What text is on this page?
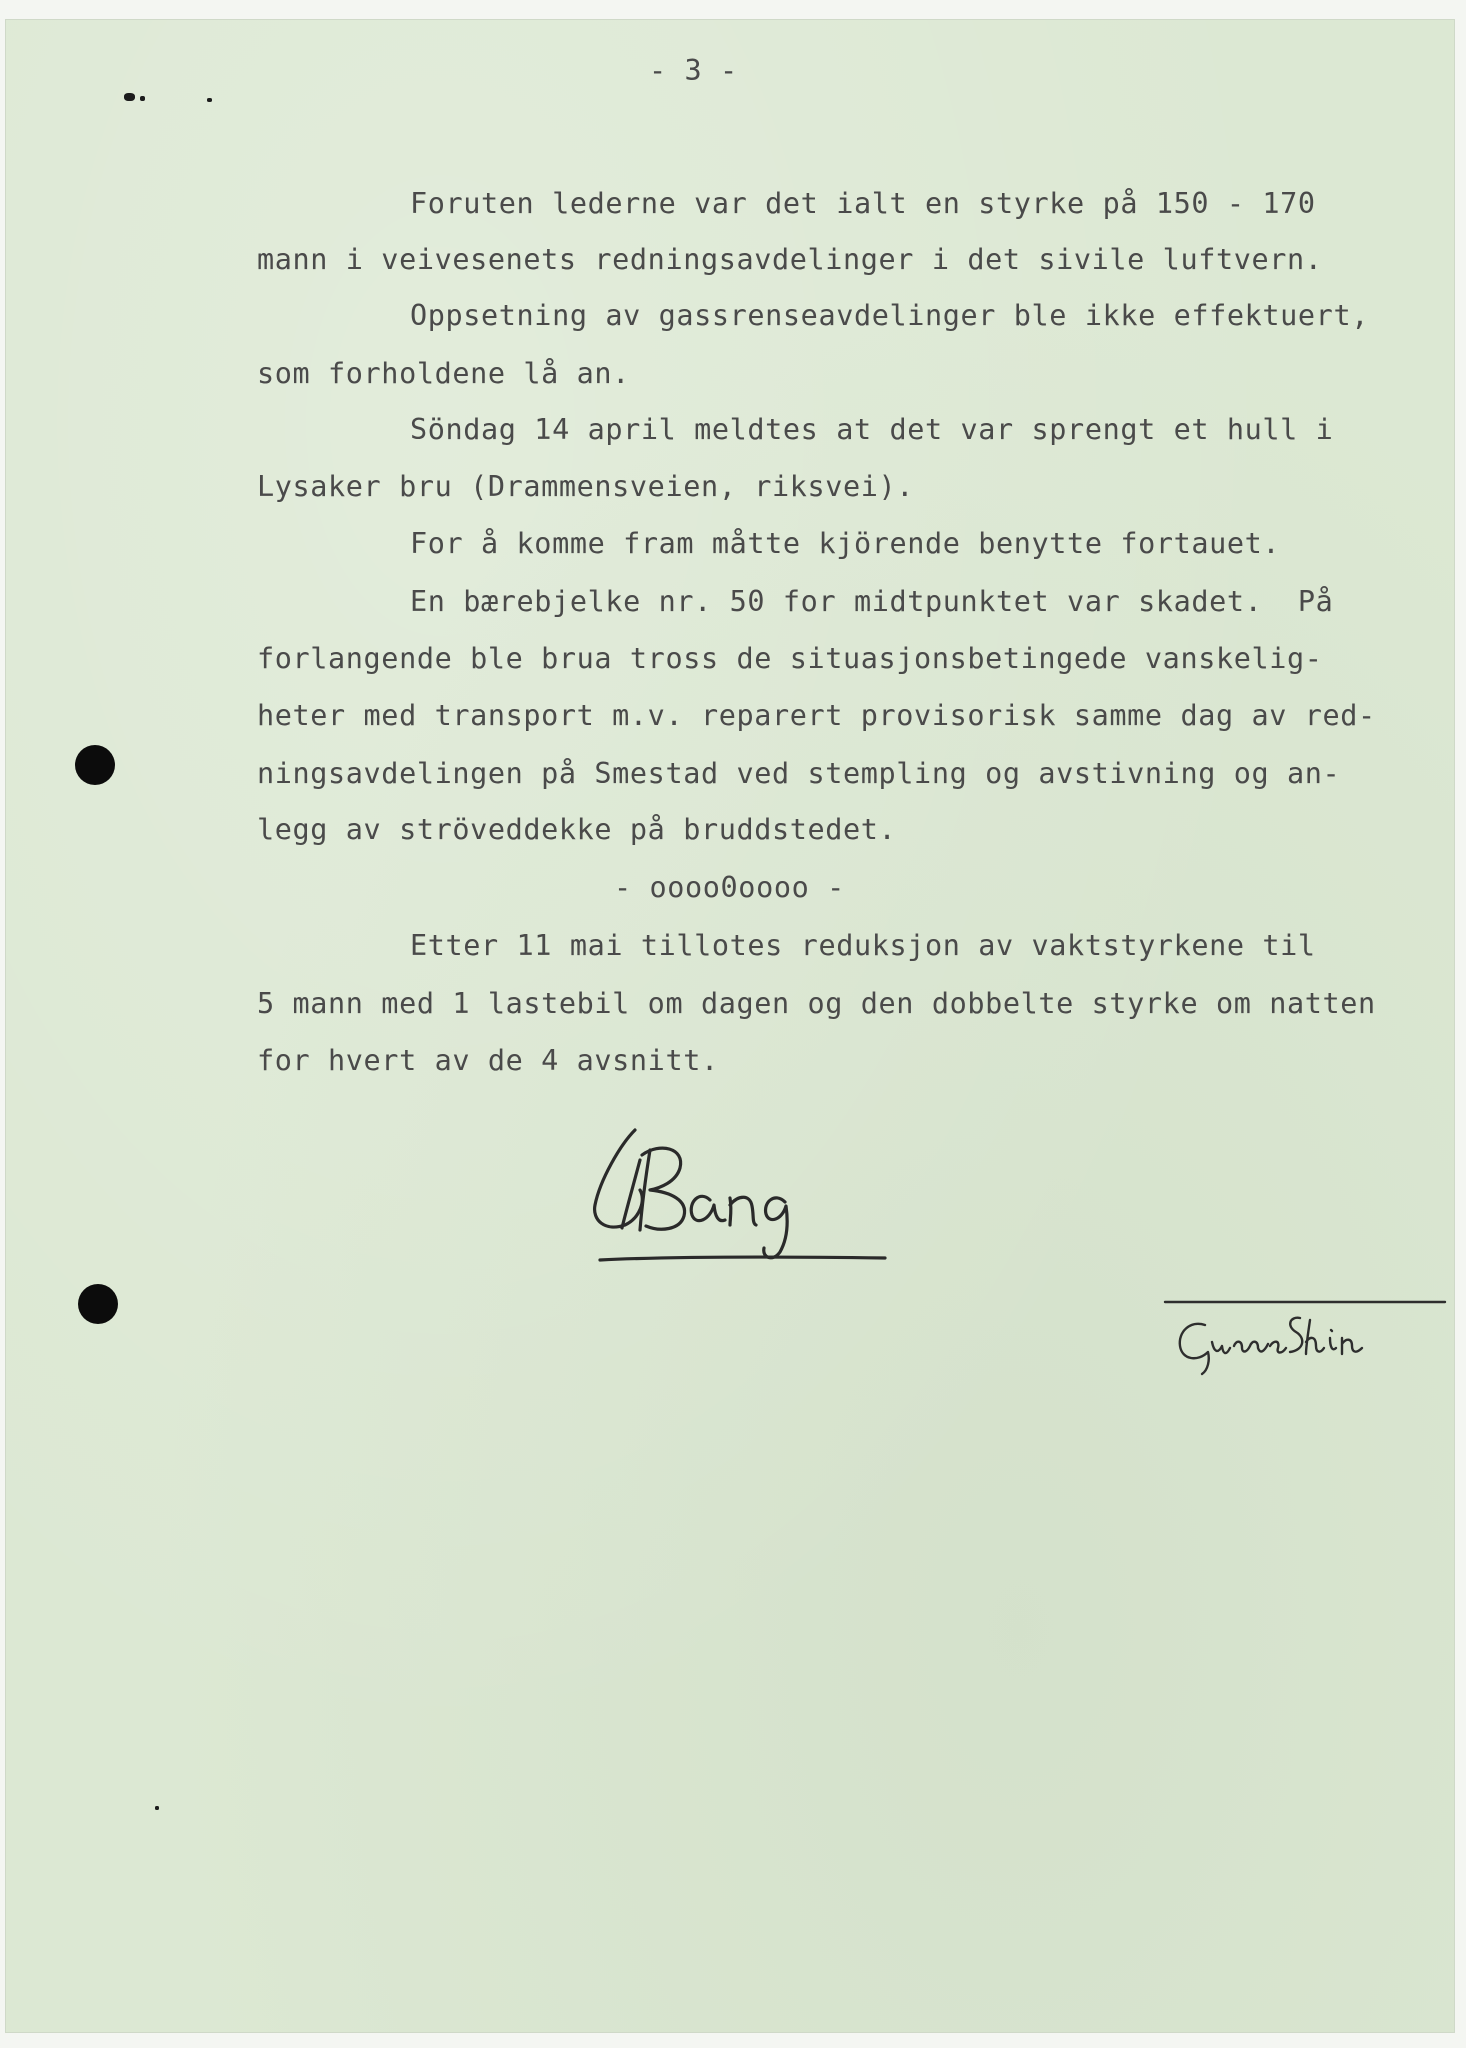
- 3 -
Foruten lederne var det ialt en styrke på 150 - 170
mann i veivesenets redningsavdelinger i det sivile luftvern.
Oppsetning av gassrenseavdelinger ble ikke effektuert,
som forholdene lå an.
Söndag 14 april meldtes at det var sprengt et hull i
Lysaker bru (Drammensveien, riksvei).
For å komme fram måtte kjörende benytte fortauet.
En bærebjelke nr. 50 for midtpunktet var skadet.  På
forlangende ble brua tross de situasjonsbetingede vanskelig-
heter med transport m.v. reparert provisorisk samme dag av red-
ningsavdelingen på Smestad ved stempling og avstivning og an-
legg av ströveddekke på bruddstedet.
- oooo0oooo -
Etter 11 mai tillotes reduksjon av vaktstyrkene til
5 mann med 1 lastebil om dagen og den dobbelte styrke om natten
for hvert av de 4 avsnitt.
